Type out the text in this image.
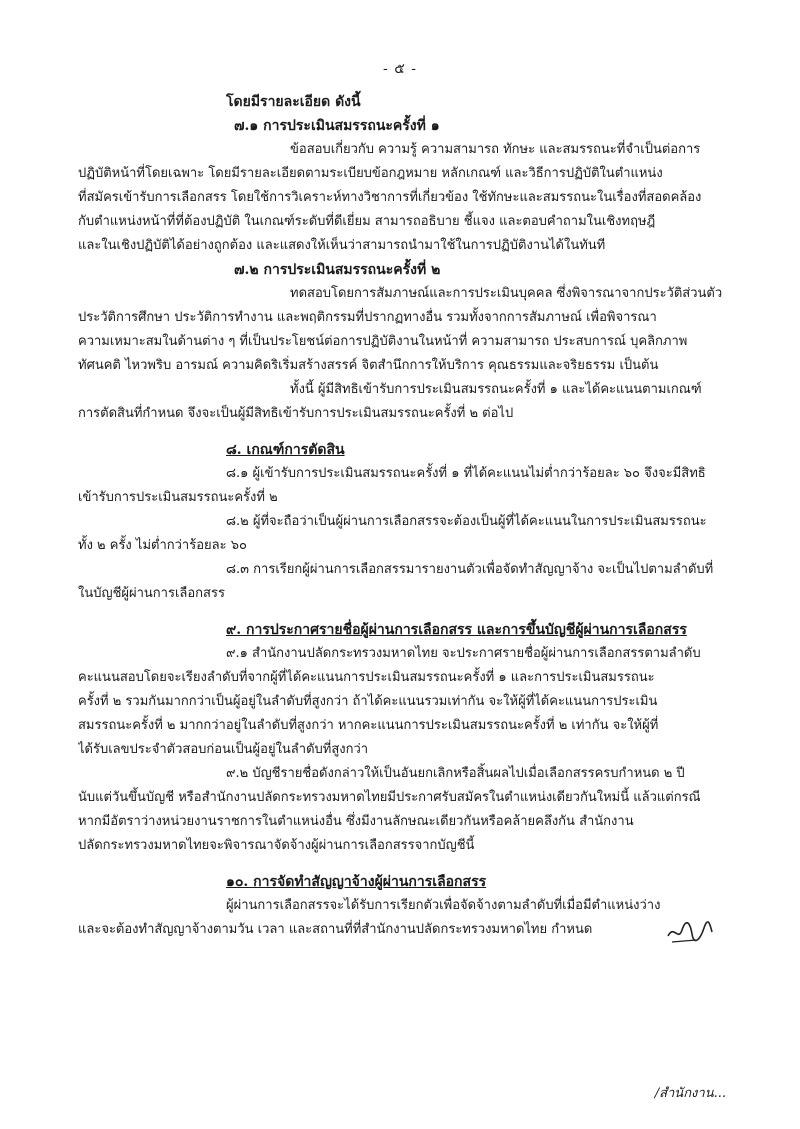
- ๕ -
โดยมีรายละเอียด ดังนี้
๗.๑ การประเมินสมรรถนะครั้งที่ ๑
ข้อสอบเกี่ยวกับ ความรู้ ความสามารถ ทักษะ และสมรรถนะที่จำเป็นต่อการ
ปฏิบัติหน้าที่โดยเฉพาะ โดยมีรายละเอียดตามระเบียบข้อกฎหมาย หลักเกณฑ์ และวิธีการปฏิบัติในตำแหน่ง
ที่สมัครเข้ารับการเลือกสรร โดยใช้การวิเคราะห์ทางวิชาการที่เกี่ยวข้อง ใช้ทักษะและสมรรถนะในเรื่องที่สอดคล้อง
กับตำแหน่งหน้าที่ที่ต้องปฏิบัติ ในเกณฑ์ระดับที่ดีเยี่ยม สามารถอธิบาย ชี้แจง และตอบคำถามในเชิงทฤษฎี
และในเชิงปฏิบัติได้อย่างถูกต้อง และแสดงให้เห็นว่าสามารถนำมาใช้ในการปฏิบัติงานได้ในทันที
๗.๒ การประเมินสมรรถนะครั้งที่ ๒
ทดสอบโดยการสัมภาษณ์และการประเมินบุคคล ซึ่งพิจารณาจากประวัติส่วนตัว
ประวัติการศึกษา ประวัติการทำงาน และพฤติกรรมที่ปรากฏทางอื่น รวมทั้งจากการสัมภาษณ์ เพื่อพิจารณา
ความเหมาะสมในด้านต่าง ๆ ที่เป็นประโยชน์ต่อการปฏิบัติงานในหน้าที่ ความสามารถ ประสบการณ์ บุคลิกภาพ
ทัศนคติ ไหวพริบ อารมณ์ ความคิดริเริ่มสร้างสรรค์ จิตสำนึกการให้บริการ คุณธรรมและจริยธรรม เป็นต้น
ทั้งนี้ ผู้มีสิทธิเข้ารับการประเมินสมรรถนะครั้งที่ ๑ และได้คะแนนตามเกณฑ์
การตัดสินที่กำหนด จึงจะเป็นผู้มีสิทธิเข้ารับการประเมินสมรรถนะครั้งที่ ๒ ต่อไป
๘. เกณฑ์การตัดสิน
๘.๑ ผู้เข้ารับการประเมินสมรรถนะครั้งที่ ๑ ที่ได้คะแนนไม่ต่ำกว่าร้อยละ ๖๐ จึงจะมีสิทธิ
เข้ารับการประเมินสมรรถนะครั้งที่ ๒
๘.๒ ผู้ที่จะถือว่าเป็นผู้ผ่านการเลือกสรรจะต้องเป็นผู้ที่ได้คะแนนในการประเมินสมรรถนะ
ทั้ง ๒ ครั้ง ไม่ต่ำกว่าร้อยละ ๖๐
๘.๓ การเรียกผู้ผ่านการเลือกสรรมารายงานตัวเพื่อจัดทำสัญญาจ้าง จะเป็นไปตามลำดับที่
ในบัญชีผู้ผ่านการเลือกสรร
๙. การประกาศรายชื่อผู้ผ่านการเลือกสรร และการขึ้นบัญชีผู้ผ่านการเลือกสรร
๙.๑ สำนักงานปลัดกระทรวงมหาดไทย จะประกาศรายชื่อผู้ผ่านการเลือกสรรตามลำดับ
คะแนนสอบโดยจะเรียงลำดับที่จากผู้ที่ได้คะแนนการประเมินสมรรถนะครั้งที่ ๑ และการประเมินสมรรถนะ
ครั้งที่ ๒ รวมกันมากกว่าเป็นผู้อยู่ในลำดับที่สูงกว่า ถ้าได้คะแนนรวมเท่ากัน จะให้ผู้ที่ได้คะแนนการประเมิน
สมรรถนะครั้งที่ ๒ มากกว่าอยู่ในลำดับที่สูงกว่า หากคะแนนการประเมินสมรรถนะครั้งที่ ๒ เท่ากัน จะให้ผู้ที่
ได้รับเลขประจำตัวสอบก่อนเป็นผู้อยู่ในลำดับที่สูงกว่า
๙.๒ บัญชีรายชื่อดังกล่าวให้เป็นอันยกเลิกหรือสิ้นผลไปเมื่อเลือกสรรครบกำหนด ๒ ปี
นับแต่วันขึ้นบัญชี หรือสำนักงานปลัดกระทรวงมหาดไทยมีประกาศรับสมัครในตำแหน่งเดียวกันใหม่นี้ แล้วแต่กรณี
หากมีอัตราว่างหน่วยงานราชการในตำแหน่งอื่น ซึ่งมีงานลักษณะเดียวกันหรือคล้ายคลึงกัน สำนักงาน
ปลัดกระทรวงมหาดไทยจะพิจารณาจัดจ้างผู้ผ่านการเลือกสรรจากบัญชีนี้
๑๐. การจัดทำสัญญาจ้างผู้ผ่านการเลือกสรร
ผู้ผ่านการเลือกสรรจะได้รับการเรียกตัวเพื่อจัดจ้างตามลำดับที่เมื่อมีตำแหน่งว่าง
และจะต้องทำสัญญาจ้างตามวัน เวลา และสถานที่ที่สำนักงานปลัดกระทรวงมหาดไทย กำหนด
/สำนักงาน...
